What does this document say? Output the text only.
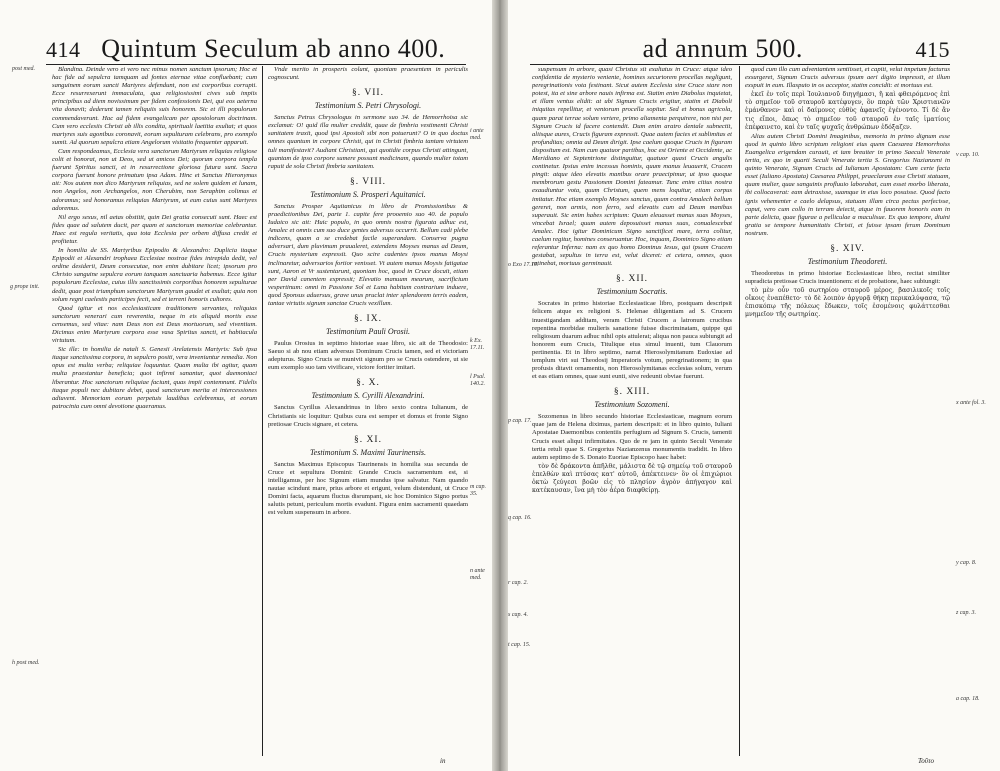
414 Quintum Seculum ab anno 400.
post med.
g prope init.
h post med.

Blandina. Deinde vero ei vero nec minus nomen sanctum ipsorum; Hoc et hac fide ad sepulcra tamquam ad fontes eternae vitae confluebant; cum sanguinem eorum sancti Martyres defendunt, non est corporibus corrupti. Ecce resurrexerunt immaculata, qua religiosissimi cives sub impiis principibus ad diem novissimum per fidem confessionis Dei, qui eos aeterna vita donavit; dederunt tamen reliquiis suis honorem. Sic et illi populorum commendaverunt. Hac ad fidem evangelicam per apostolorum doctrinam. Cum vero ecclesiis Christi ab illis condita, spirituali laetitia exultat; et quos martyres suis agonibus coronavit, eorum sepulturam celebrans, pro exemplo sumit. Ad quorum sepulcra etiam Angelorum visitatio frequenter apparuit.

Cum respondeamus, Ecclesia vera sanctorum Martyrum reliquias religiose colit et honorat, non ut Deos, sed ut amicos Dei; quorum corpora templa fuerunt Spiritus sancti, et in resurrectione gloriosa futura sunt. Sacra corpora fuerunt honore primatum ipsa Adam. Hinc et Sanctus Hieronymus ait: Nos autem non dico Martyrum reliquias, sed ne solem quidem et lunam, non Angelos, non Archangelos, non Cherubim, non Seraphim colimus et adoramus; sed honoramus reliquias Martyrum, ut eum cuius sunt Martyres adoremus.

Nil ergo sexus, nil aetas obstitit, quin Dei gratia consecuti sunt. Haec est fides quae ad salutem ducit, per quam et sanctorum memoriae celebrantur. Haec est regula veritatis, qua tota Ecclesia per orbem diffusa credit et profitetur.

In homilia de SS. Martyribus Epipodio & Alexandro: Duplicia itaque Epipodii et Alexandri trophaea Ecclesiae nostrae fides intrepida dedit, vel ordine desiderii, Deum consecutae, non enim dubitare licet; ipsorum pro Christo sanguine sepulcra eorum tanquam sanctuaria habemus. Ecce igitur populorum Ecclesiae, cuius illis sanctissimis corporibus honorem sepulturae dedit, quae post triumphum sanctorum Martyrum gaudet et exultat; quia non solum regni caelestis participes fecit, sed et terreni honoris cultores.

Quod igitur et nos ecclesiasticam traditionem servantes, reliquias sanctorum venerari cum reverentia, neque in eis aliquid mortis esse censemus, sed vitae: nam Deus non est Deus mortuorum, sed viventium. Dicimus enim Martyrum corpora esse vasa Spiritus sancti, et habitacula virtutum.

Sic ille: in homilia de natali S. Genesii Arelatensis Martyris: Sub ipsa itaque sanctissima corpora, in sepulcro positi, vera inveniuntur remedia. Non opus est multa verba; reliquiae loquuntur. Quam multa ibi agitur, quam multa praestantur beneficia; quot infirmi sanantur, quot daemoniaci liberantur. Hoc sanctorum reliquiae faciunt, quas impii contemnunt. Fidelis itaque populi nec dubitare debet, quod sanctorum merita et intercessiones adiuvent. Memoriam eorum perpetuis laudibus celebremus, et eorum patrocinia cum omni devotione quaeramus.

Vnde merito in prosperis colunt, quoniam praesentem in periculis cognoscunt.

§. VII.
Testimonium S. Petri Chrysologi.

Sanctus Petrus Chrysologus in sermone suo 34. de Hemorrhoisa sic exclamat: O! quid illa mulier credidit, quae de fimbria vestimenti Christi sanitatem traxit, quod ipsi Apostoli sibi non potuerunt? O in quo doctus omnes quantum in corpore Christi, qui in Christi fimbria tantam virtutem tuli manifestavit? Audiant Christiani, qui quotidie corpus Christi attingunt, quantam de ipso corpore sumere possunt medicinam, quando mulier totam rapuit de sola Christi fimbria sanitatem.

§. VIII.
Testimonium S. Prosperi Aquitanici.

Sanctus Prosper Aquitanicus in libro de Promissionibus & praedictionibus Dei, parte 1. capite fere prooemio suo 40. de populo Iudaico sic ait: Huic populo, in quo omnis nostra figurata adhuc est, Amalec et omnis cum suo duce gentes adversus occurrit. Bellum cadi plebe indicens, quam a se credebat facile superandam. Conserva pugna adversari, dum pluvimum praualeret, extendens Moyses manus ad Deum, Crucis mysterium expressit. Quo scire cadentes ipsos manus Moysi inclinaretur, adversarios fortior venisset. Vt autem manus Moysis fatigatae sunt, Aaron et Vr sustentarunt, quoniam hoc, quod in Cruce docuit, etiam per David canentem expressit; Elevatio manuum mearum, sacrificium vespertinum: omni in Passione Sol et Luna habitum contrarium induere, quod Sponsus aduersus, grave unus pruclat inter splendorem terris eadem, tantae virtutis signum sanctae Crucis vexillum.

§. IX.
Testimonium Pauli Orosii.

Paulus Orosius in septimo historiae suae libro, sic ait de Theodosio: Saeuo si ab nou etiam adversus Dominum Crucis tamen, sed et victoriam adepturus. Signo Crucis se munivit signum pro se Crucis ostendere, ut sie eum exemplo suo tam vivificare, victore fortiter imitari.

§. X.
Testimonium S. Cyrilli Alexandrini.

Sanctus Cyrillus Alexandrinus in libro sexto contra Iulianum, de Christianis sic loquitur: Quibus cura est semper et domus et fronte Signo pretiosae Crucis signare, et cetera.

§. XI.
Testimonium S. Maximi Taurinensis.

Sanctus Maximus Episcopus Taurinensis in homilia sua secunda de Cruce et sepultura Domini: Grande Crucis sacramentum est, si intelligamus, per hoc Signum etiam mundus ipse salvatur. Nam quando nautae scindunt mare, prius arbore et erigunt, velum distendunt, ut Cruce Domini facta, aquarum fluctus disrumpant, sic hoc Dominico Signo portus salutis petunt, periculum mortis evadunt. Figura enim sacramenti quaedam est velum suspensum in arbore.

i ante med.
k Ex. 17.11.
l Psal. 140.2.
m cap. 35.
n ante med.
in
ad annum 500.	415
o Exo 17.10.
p cap. 17.
q cap. 16.
r cap. 2.
s cap. 4.
t cap. 15.

suspensum in arbore, quasi Christus sit exaltatus in Cruce: atque ideo confidentia de mysterio veniente, homines securtorem procellas negligunt, peregrinationis vota festinant. Sicut autem Ecclesia sine Cruce stare non potest, ita et sine arbore nauis infirma est. Statim enim Diabolus inquietat, et illam ventus elidit: at ubi Signum Crucis erigitur, statim et Diaboli iniquitas repellitur, et ventorum procella sopitur. Sed et bonus agricola, quam parat terrae solum vertere, primo aliamenta perquirere, non nisi per Signum Crucis id facere contendit. Dum enim aratro dentale subnectit, aliisque aures, Crucis figuram expressit. Quae autem facies et sublimitas et profunditas; omnia ad Deum dirigit. Ipse caelum quoque Crucis in figuram dispositum est. Nam cum quatuor partibus, hoc est Oriente et Occidente, ac Meridiano et Septentrione distinguitur, quatuor quasi Crucis angulis continetur. Ipsius enim incessus hominis, quum manus leuauerit, Crucem pingit: atque ideo elevatis manibus orare praecipimur, ut ipso quoque membrorum gestu Passionem Domini fateamur. Tunc enim citius nostra exaudiuntur vota, quum Christum, quem mens loquitur, etiam corpus imitatur. Hoc etiam exemplo Moyses sanctus, quum contra Amalech bellum gereret, non armis, non ferro, sed elevatis cum ad Deum manibus superauit. Sic enim habes scriptum: Quum eleuasset manus suas Moyses, vincebat Israel; quum autem deposuisset manus suas, conualescebat Amalec. Hoc igitur Dominicum Signo sanctificet mare, terra colitur, caelum regitur, homines conseruantur. Hoc, inquam, Dominico Signo etiam referantur Inferna: nam ex quo homo Dominus Iesus, qui ipsam Crucem gestabat, sepultus in terra est, velut diceret: et cetera, omnes, quos retinebat, mortuus germinauit.

§. XII.
Testimonium Socratis.

Socrates in primo historiae Ecclesiasticae libro, postquam descripsit felicem atque ex religioni S. Helenae diligentiam ad S. Crucem inuestigandam additam, veram Christi Crucem a latronum crucibus repentina morbidae mulieris sanatione fuisse discriminatam, quippe qui religiosum duarum adhuc nihil opis attulerat; aliqua non pauca subiungit ad honorem eum Crucis, Titulique eius simul inuenti, tum Clauorum pertinentia. Et in libro septimo, narrat Hierosolymitanum Eudoxiae ad templum viri sui Theodosij Imperatoris votum, peregrinationem; in qua profusis ditavit ornamentis, non Hierosolymitanas ecclesias solum, verum et eas etiam omnes, quae sunt eunti, sive redeunti obviae fuerunt.

§. XIII.
Testimonium Sozomeni.

Sozomenus in libro secundo historiae Ecclesiasticae, magnum eorum quae jam de Helena diximus, partem descripsit: et in libro quinto, Iuliani Apostatae Daemonibus contentiis perfugium ad Signum S. Crucis, tamenti Crucis esset aliqui infirmitates. Quo de re jam in quinto Seculi Venerate tertia retuli quae S. Gregorius Nazianzenus monumentis tradidit. In libro autem septimo de S. Donato Euoriae Episcopo haec habet:

τὸν δὲ δράκοντα ἀπῆλθε, μάλιστα δὲ τῷ σημείῳ τοῦ σταυροῦ ἐπελθὼν καὶ πτύσας κατ' αὐτοῦ, ἀπέκτεινεν· ὃν οἱ ἐπιχώριοι ὀκτὼ ζεύγεσι βοῶν εἰς τὸ πλησίον ἀγρὸν ἀπήγαγον καὶ κατέκαυσαν, ἵνα μὴ τὸν ἀέρα διαφθείρῃ.

quod cum illo cum adventantem sentiisset, et capiti, velut impetum facturus exsurgeret, Signum Crucis adversus ipsum aeri digito impressit, et illum exspuit in eum. Illasputo in os acceptor, statim concidit: et mortuus est.

ἐκεῖ ἐν τοῖς περὶ Ἰουλιανοῦ διηγήμασι, ἢ καὶ φθειρόμενος ἐπὶ τὸ σημεῖον τοῦ σταυροῦ κατέφυγεν, ὃν παρὰ τῶν Χριστιανῶν ἐμάνθανεν· καὶ οἱ δαίμονες εὐθὺς ἀφανεῖς ἐγένοντο. Τί δὲ ἂν τις εἴποι, ὅπως τὸ σημεῖον τοῦ σταυροῦ ἐν ταῖς ἱματίοις ἐπέφαινετο, καὶ ἐν ταῖς ψυχαῖς ἀνθρώπων ἐδόξαζεν.

Alias autem Christi Domini Imaginibus, memoria in primo dignum esse quod in quinto libro scriptum religioni eius quem Caesarea Hemorrhoiss Euangelica erigendam curauit, et tam breuiter in primo Saeculi Venerate tertia, ex quo in quarti Seculi Venerate tertia S. Gregorius Nazianzeni in quinto Venerate, Signum Crucis ad Iulianum Apostatam: Cum certe facta esset (Iuliano Apostata) Caesarea Philippi, praeclaram esse Christi statuam, quam mulier, quae sanguinis profluuio laborabat, cum esset morbo liberata, ibi collocaverat: eam detraxisse, suamque in eius loco posuisse. Quod facto ignis vehementer e caelo delapsus, statuam illam circa pectus perfecisse, caput, vero cum collo in terram deiecit, atque in fauorem honoris eam in parte delicta, quae figurae a pelliculae a maculisue. Ex quo tempore, diuini gratia se tempore humanitatis Christi, et fuisse ipsam ferum Dominum nostrum.

§. XIV.
Testimonium Theodoreti.

Theodoretus in primo historiae Ecclesiasticae libro, recitat similiter supradicta pretiosae Crucis inuentionem: et de probatione, haec subiungit:

τὸ μὲν οὖν τοῦ σωτηρίου σταυροῦ μέρος, βασιλικοῖς τοῖς οἴκοις ἐναπέθετο· τὸ δὲ λοιπὸν ἀργυρᾷ θήκῃ περικαλύψασα, τῷ ἐπισκόπῳ τῆς πόλεως ἔδωκεν, τοῖς ἐσομένοις φυλάττεσθαι μνημεῖον τῆς σωτηρίας.

v cap. 10.
x ante fol. 3.
y cap. 8.
z cap. 3.
a cap. 18.
Τοῦτο
